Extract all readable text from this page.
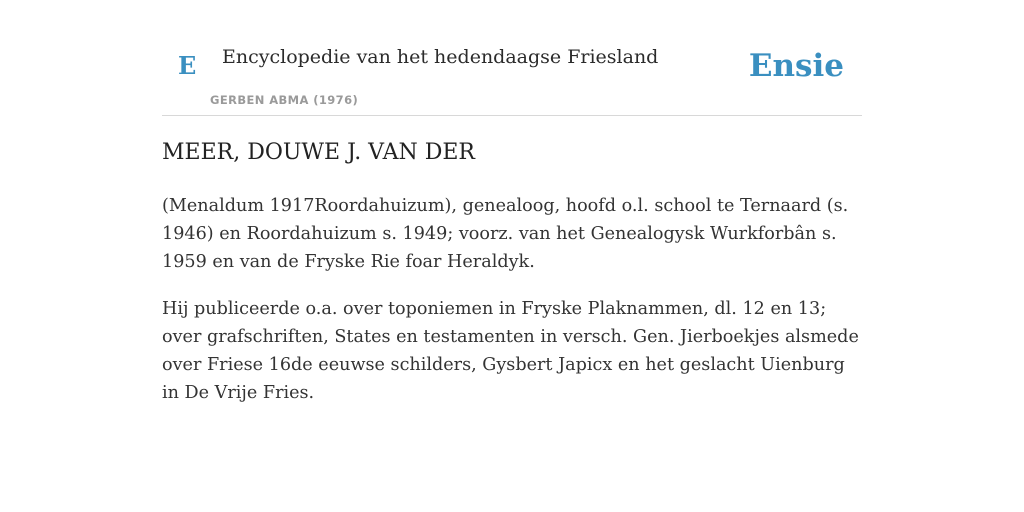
E Encyclopedie van het hedendaagse Friesland
GERBEN ABMA (1976)
Ensie
MEER, DOUWE J. VAN DER

(Menaldum 1917Roordahuizum), genealoog, hoofd o.l. school te Ternaard (s. 1946) en Roordahuizum s. 1949; voorz. van het Genealogysk Wurkforbân s. 1959 en van de Fryske Rie foar Heraldyk.

Hij publiceerde o.a. over toponiemen in Fryske Plaknammen, dl. 12 en 13; over grafschriften, States en testamenten in versch. Gen. Jierboekjes alsmede over Friese 16de eeuwse schilders, Gysbert Japicx en het geslacht Uienburg in De Vrije Fries.
